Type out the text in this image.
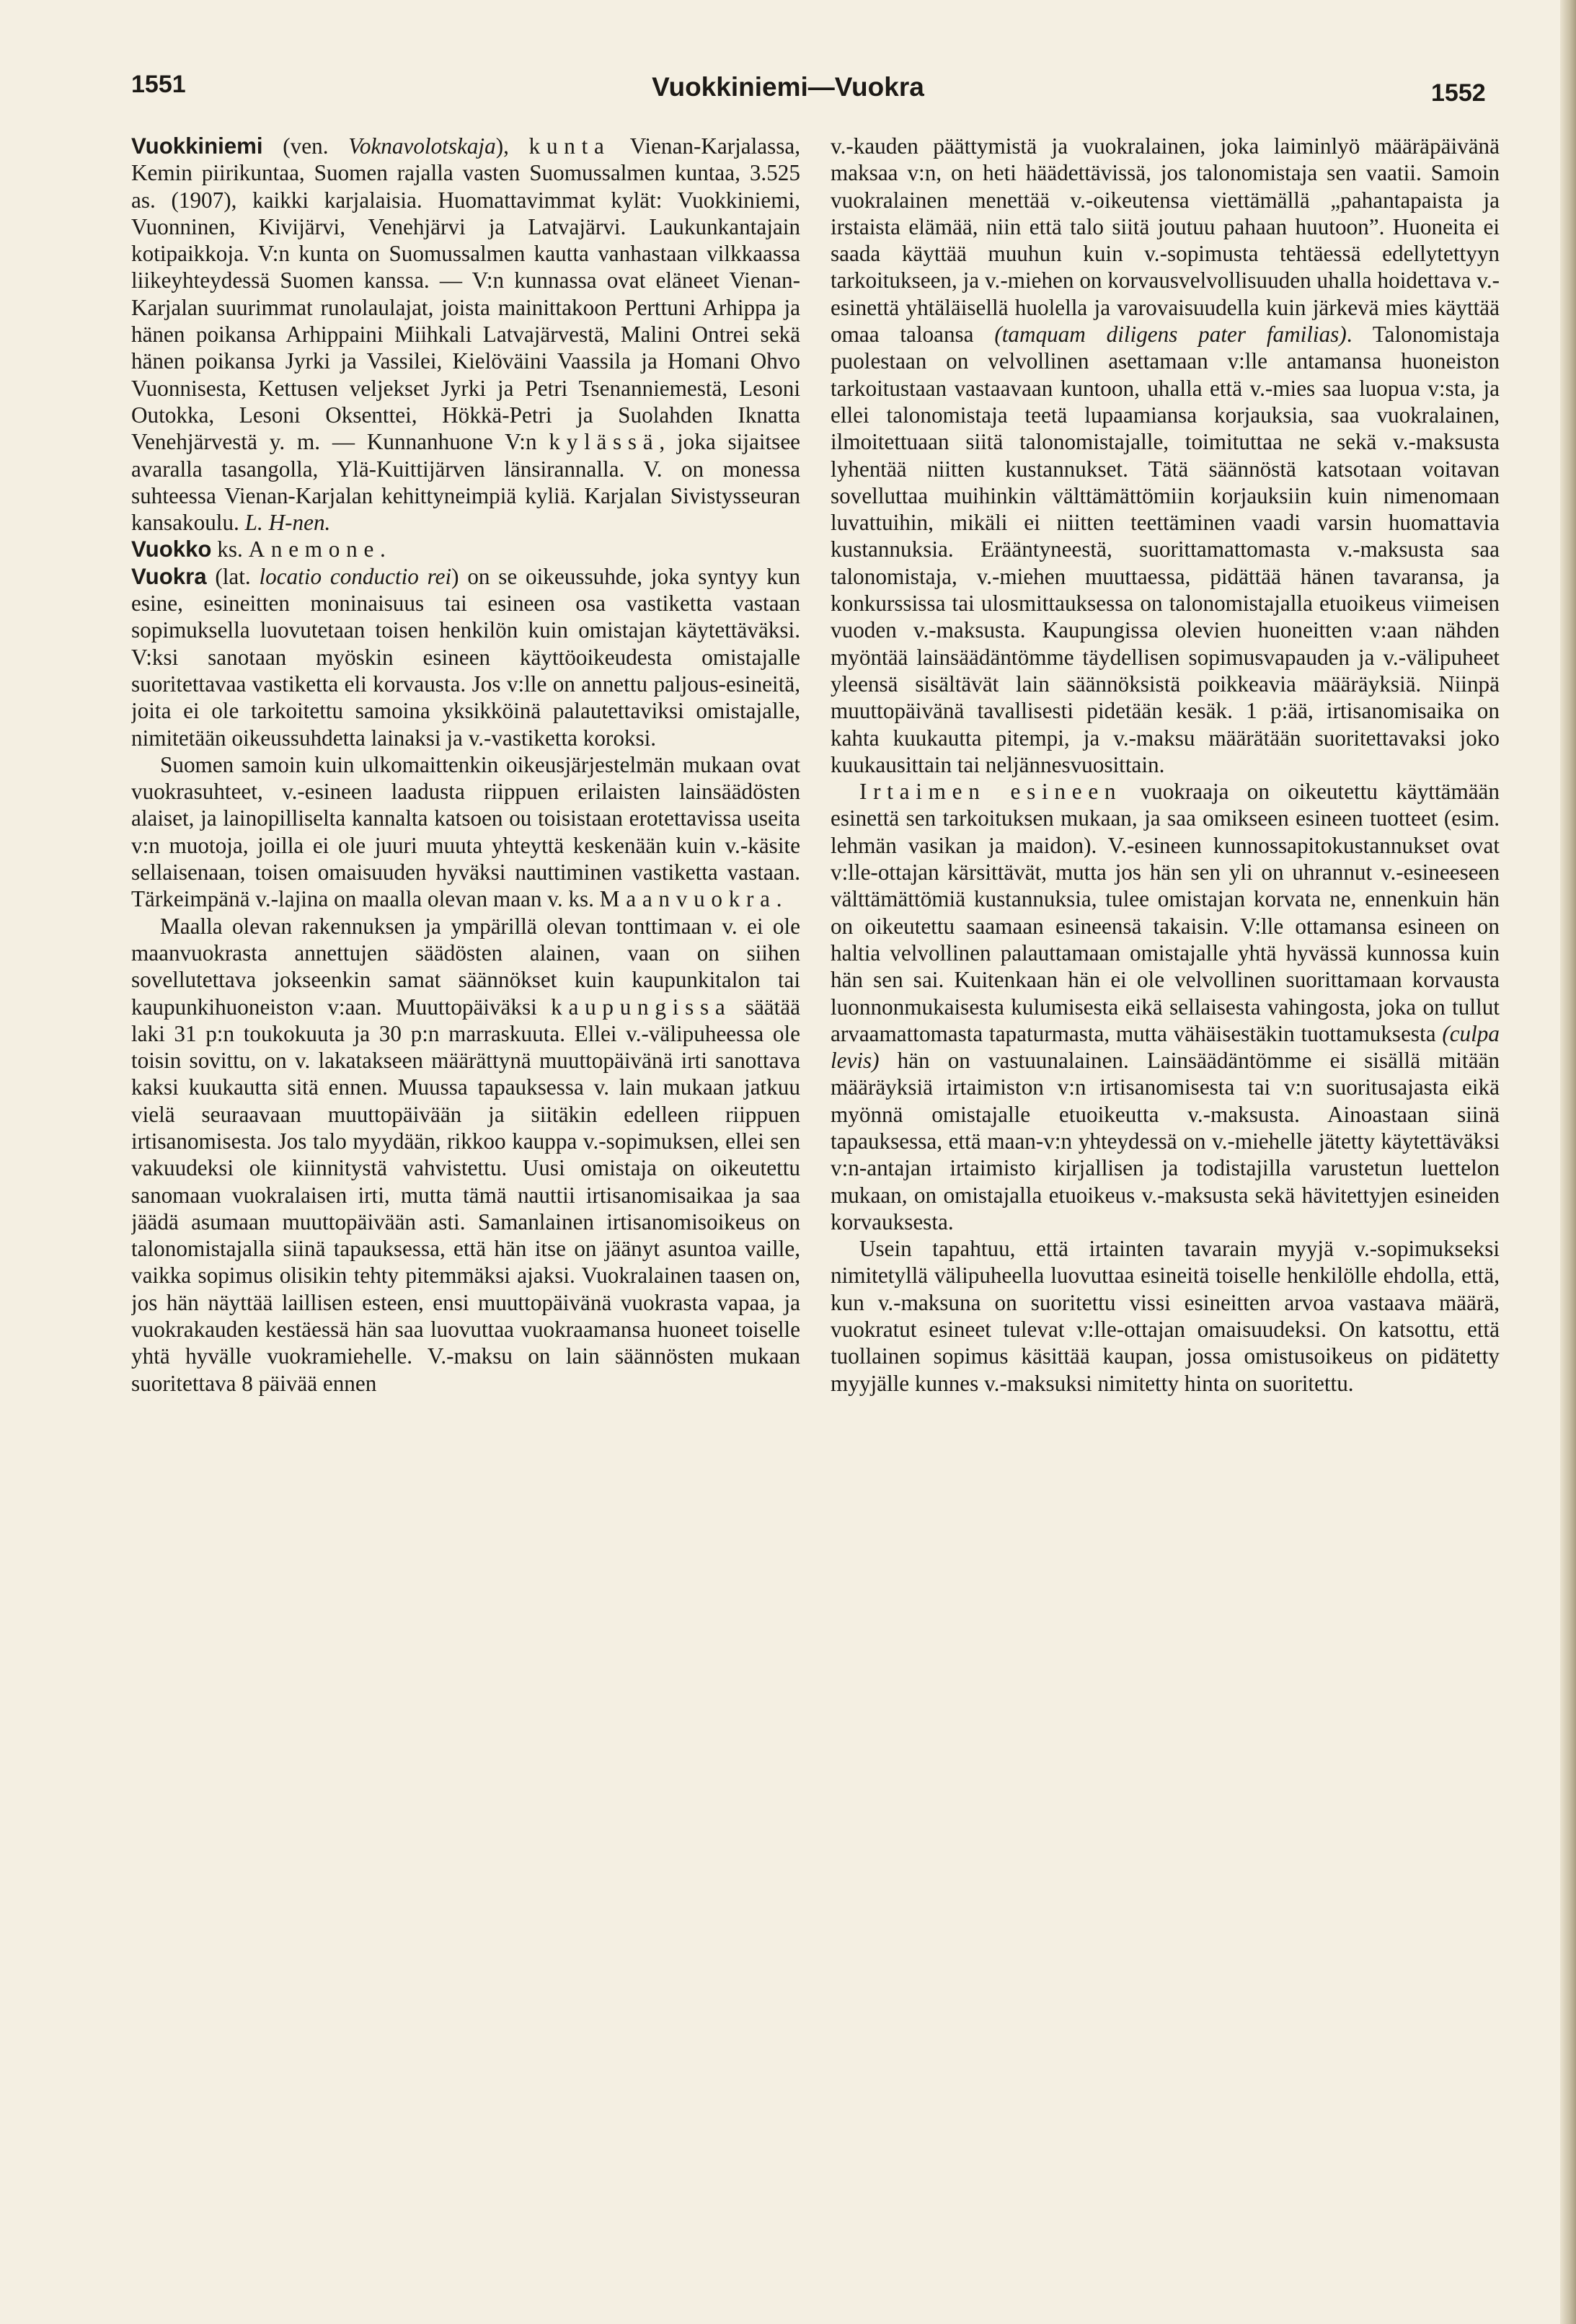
1551	Vuokkiniemi—Vuokra	1552

Vuokkiniemi (ven. Voknavolotskaja), kunta Vienan-Karjalassa, Kemin piirikuntaa, Suomen rajalla vasten Suomussalmen kuntaa, 3.525 as. (1907), kaikki karjalaisia. Huomattavimmat kylät: Vuokkiniemi, Vuonninen, Kivijärvi, Venehjärvi ja Latvajärvi. Laukunkantajain kotipaikkoja. V:n kunta on Suomussalmen kautta vanhastaan vilkkaassa liikeyhteydessä Suomen kanssa. — V:n kunnassa ovat eläneet Vienan-Karjalan suurimmat runolaulajat, joista mainittakoon Perttuni Arhippa ja hänen poikansa Arhippaini Miihkali Latvajärvestä, Malini Ontrei sekä hänen poikansa Jyrki ja Vassilei, Kielöväini Vaassila ja Homani Ohvo Vuonnisesta, Kettusen veljekset Jyrki ja Petri Tsenanniemestä, Lesoni Outokka, Lesoni Oksenttei, Hökkä-Petri ja Suolahden Iknatta Venehjärvestä y. m. — Kunnanhuone V:n kylässä, joka sijaitsee avaralla tasangolla, Ylä-Kuittijärven länsirannalla. V. on monessa suhteessa Vienan-Karjalan kehittyneimpiä kyliä. Karjalan Sivistysseuran kansakoulu. L. H-nen.

Vuokko ks. Anemone.

Vuokra (lat. locatio conductio rei) on se oikeussuhde, joka syntyy kun esine, esineitten moninaisuus tai esineen osa vastiketta vastaan sopimuksella luovutetaan toisen henkilön kuin omistajan käytettäväksi. V:ksi sanotaan myöskin esineen käyttöoikeudesta omistajalle suoritettavaa vastiketta eli korvausta. Jos v:lle on annettu paljous-esineitä, joita ei ole tarkoitettu samoina yksikköinä palautettaviksi omistajalle, nimitetään oikeussuhdetta lainaksi ja v.-vastiketta koroksi.

Suomen samoin kuin ulkomaittenkin oikeusjärjestelmän mukaan ovat vuokrasuhteet, v.-esineen laadusta riippuen erilaisten lainsäädösten alaiset, ja lainopilliselta kannalta katsoen ou toisistaan erotettavissa useita v:n muotoja, joilla ei ole juuri muuta yhteyttä keskenään kuin v.-käsite sellaisenaan, toisen omaisuuden hyväksi nauttiminen vastiketta vastaan. Tärkeimpänä v.-lajina on maalla olevan maan v. ks. Maanvuokra.

Maalla olevan rakennuksen ja ympärillä olevan tonttimaan v. ei ole maanvuokrasta annettujen säädösten alainen, vaan on siihen sovellutettava jokseenkin samat säännökset kuin kaupunkitalon tai kaupunkihuoneiston v:aan. Muuttopäiväksi kaupungissa säätää laki 31 p:n toukokuuta ja 30 p:n marraskuuta. Ellei v.-välipuheessa ole toisin sovittu, on v. lakatakseen määrättynä muuttopäivänä irti sanottava kaksi kuukautta sitä ennen. Muussa tapauksessa v. lain mukaan jatkuu vielä seuraavaan muuttopäivään ja siitäkin edelleen riippuen irtisanomisesta. Jos talo myydään, rikkoo kauppa v.-sopimuksen, ellei sen vakuudeksi ole kiinnitystä vahvistettu. Uusi omistaja on oikeutettu sanomaan vuokralaisen irti, mutta tämä nauttii irtisanomisaikaa ja saa jäädä asumaan muuttopäivään asti. Samanlainen irtisanomisoikeus on talonomistajalla siinä tapauksessa, että hän itse on jäänyt asuntoa vaille, vaikka sopimus olisikin tehty pitemmäksi ajaksi. Vuokralainen taasen on, jos hän näyttää laillisen esteen, ensi muuttopäivänä vuokrasta vapaa, ja vuokrakauden kestäessä hän saa luovuttaa vuokraamansa huoneet toiselle yhtä hyvälle vuokramiehelle. V.-maksu on lain säännösten mukaan suoritettava 8 päivää ennen

v.-kauden päättymistä ja vuokralainen, joka laiminlyö määräpäivänä maksaa v:n, on heti häädettävissä, jos talonomistaja sen vaatii. Samoin vuokralainen menettää v.-oikeutensa viettämällä „pahantapaista ja irstaista elämää, niin että talo siitä joutuu pahaan huutoon”. Huoneita ei saada käyttää muuhun kuin v.-sopimusta tehtäessä edellytettyyn tarkoitukseen, ja v.-miehen on korvausvelvollisuuden uhalla hoidettava v.-esinettä yhtäläisellä huolella ja varovaisuudella kuin järkevä mies käyttää omaa taloansa (tamquam diligens pater familias). Talonomistaja puolestaan on velvollinen asettamaan v:lle antamansa huoneiston tarkoitustaan vastaavaan kuntoon, uhalla että v.-mies saa luopua v:sta, ja ellei talonomistaja teetä lupaamiansa korjauksia, saa vuokralainen, ilmoitettuaan siitä talonomistajalle, toimituttaa ne sekä v.-maksusta lyhentää niitten kustannukset. Tätä säännöstä katsotaan voitavan sovelluttaa muihinkin välttämättömiin korjauksiin kuin nimenomaan luvattuihin, mikäli ei niitten teettäminen vaadi varsin huomattavia kustannuksia. Erääntyneestä, suorittamattomasta v.-maksusta saa talonomistaja, v.-miehen muuttaessa, pidättää hänen tavaransa, ja konkurssissa tai ulosmittauksessa on talonomistajalla etuoikeus viimeisen vuoden v.-maksusta. Kaupungissa olevien huoneitten v:aan nähden myöntää lainsäädäntömme täydellisen sopimusvapauden ja v.-välipuheet yleensä sisältävät lain säännöksistä poikkeavia määräyksiä. Niinpä muuttopäivänä tavallisesti pidetään kesäk. 1 p:ää, irtisanomisaika on kahta kuukautta pitempi, ja v.-maksu määrätään suoritettavaksi joko kuukausittain tai neljännesvuosittain.

Irtaimen esineen vuokraaja on oikeutettu käyttämään esinettä sen tarkoituksen mukaan, ja saa omikseen esineen tuotteet (esim. lehmän vasikan ja maidon). V.-esineen kunnossapitokustannukset ovat v:lle-ottajan kärsittävät, mutta jos hän sen yli on uhrannut v.-esineeseen välttämättömiä kustannuksia, tulee omistajan korvata ne, ennenkuin hän on oikeutettu saamaan esineensä takaisin. V:lle ottamansa esineen on haltia velvollinen palauttamaan omistajalle yhtä hyvässä kunnossa kuin hän sen sai. Kuitenkaan hän ei ole velvollinen suorittamaan korvausta luonnonmukaisesta kulumisesta eikä sellaisesta vahingosta, joka on tullut arvaamattomasta tapaturmasta, mutta vähäisestäkin tuottamuksesta (culpa levis) hän on vastuunalainen. Lainsäädäntömme ei sisällä mitään määräyksiä irtaimiston v:n irtisanomisesta tai v:n suoritusajasta eikä myönnä omistajalle etuoikeutta v.-maksusta. Ainoastaan siinä tapauksessa, että maan-v:n yhteydessä on v.-miehelle jätetty käytettäväksi v:n-antajan irtaimisto kirjallisen ja todistajilla varustetun luettelon mukaan, on omistajalla etuoikeus v.-maksusta sekä hävitettyjen esineiden korvauksesta.

Usein tapahtuu, että irtainten tavarain myyjä v.-sopimukseksi nimitetyllä välipuheella luovuttaa esineitä toiselle henkilölle ehdolla, että, kun v.-maksuna on suoritettu vissi esineitten arvoa vastaava määrä, vuokratut esineet tulevat v:lle-ottajan omaisuudeksi. On katsottu, että tuollainen sopimus käsittää kaupan, jossa omistusoikeus on pidätetty myyjälle kunnes v.-maksuksi nimitetty hinta on suoritettu.
